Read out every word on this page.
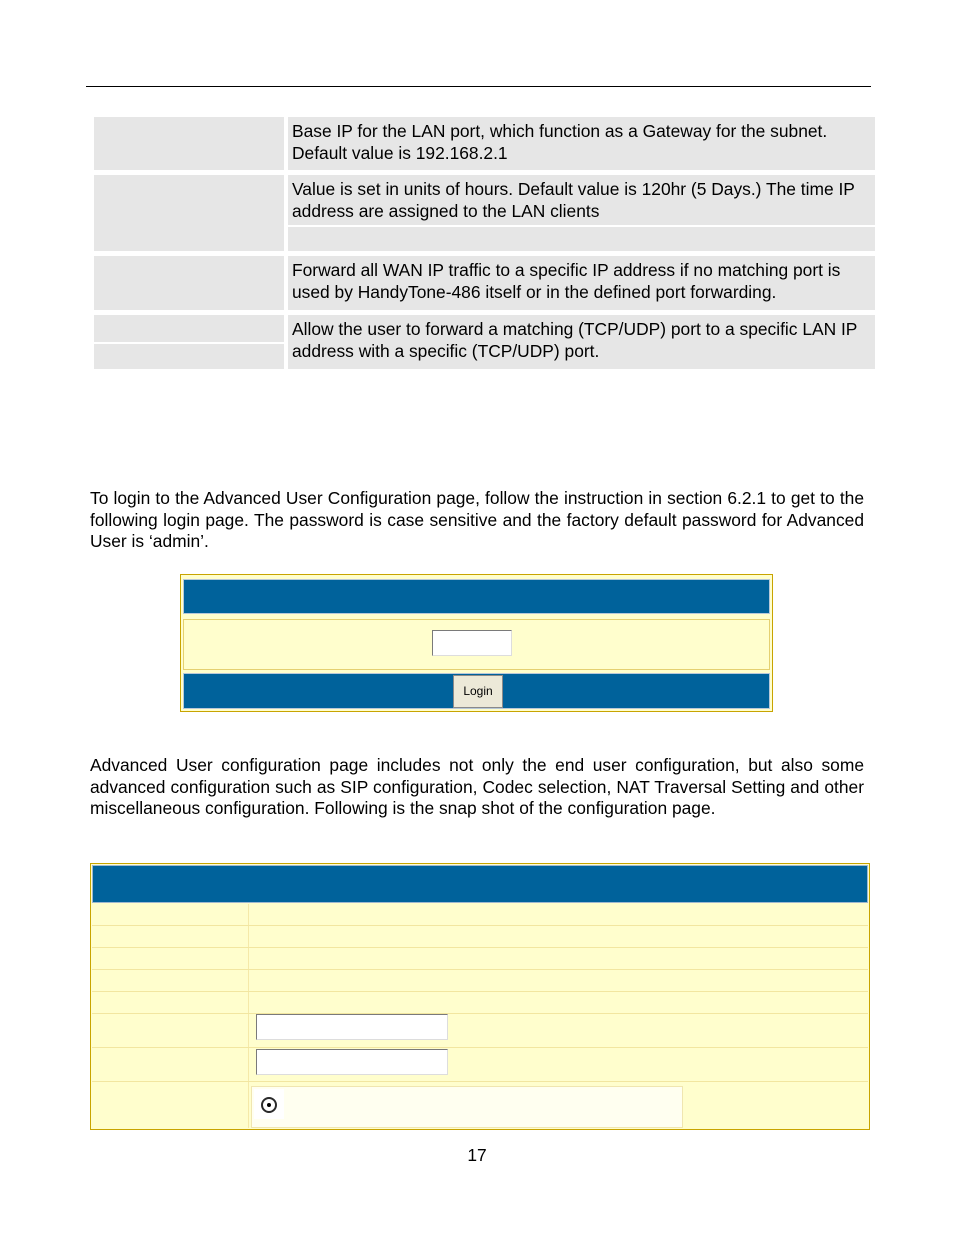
Base IP for the LAN port, which function as a Gateway for the subnet. Default value is 192.168.2.1
Value is set in units of hours. Default value is 120hr (5 Days.) The time IP address are assigned to the LAN clients
Forward all WAN IP traffic to a specific IP address if no matching port is used by HandyTone-486 itself or in the defined port forwarding.
Allow the user to forward a matching (TCP/UDP) port to a specific LAN IP address with a specific (TCP/UDP) port.
To login to the Advanced User Configuration page, follow the instruction in section 6.2.1 to get to the following login page. The password is case sensitive and the factory default password for Advanced User is ‘admin’.
Login
Advanced User configuration page includes not only the end user configuration, but also some advanced configuration such as SIP configuration, Codec selection, NAT Traversal Setting and other miscellaneous configuration. Following is the snap shot of the configuration page.
17
